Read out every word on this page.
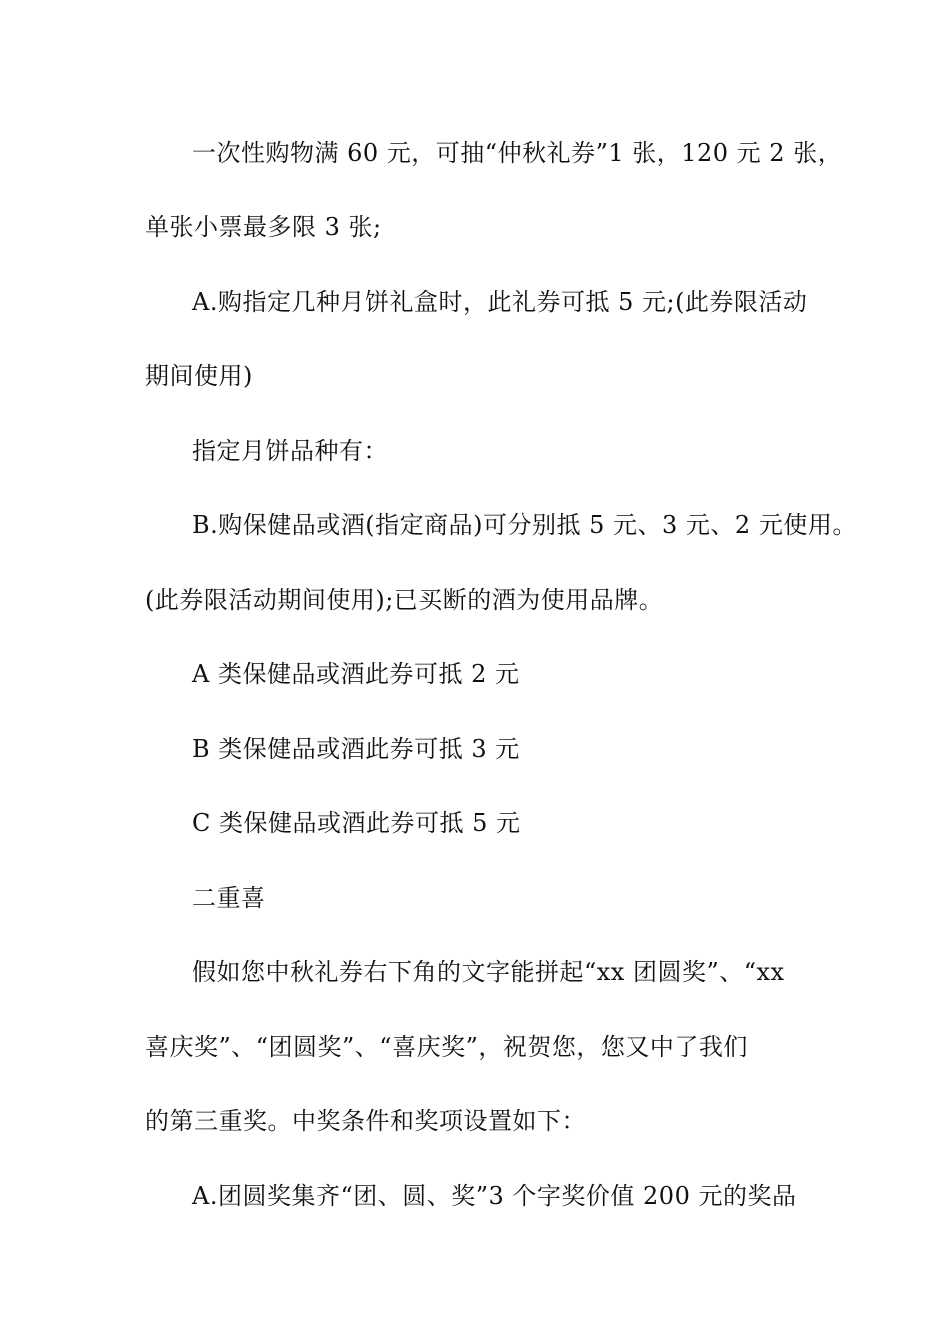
一次性购物满 60 元，可抽“仲秋礼券”1 张，120 元 2 张，
单张小票最多限 3 张;
A.购指定几种月饼礼盒时，此礼券可抵 5 元;(此券限活动
期间使用)
指定月饼品种有：
B.购保健品或酒(指定商品)可分别抵 5 元、3 元、2 元使用。
(此券限活动期间使用);已买断的酒为使用品牌。
A 类保健品或酒此券可抵 2 元
B 类保健品或酒此券可抵 3 元
C 类保健品或酒此券可抵 5 元
二重喜
假如您中秋礼券右下角的文字能拼起“xx 团圆奖”、“xx
喜庆奖”、“团圆奖”、“喜庆奖”，祝贺您，您又中了我们
的第三重奖。中奖条件和奖项设置如下：
A.团圆奖集齐“团、圆、奖”3 个字奖价值 200 元的奖品
